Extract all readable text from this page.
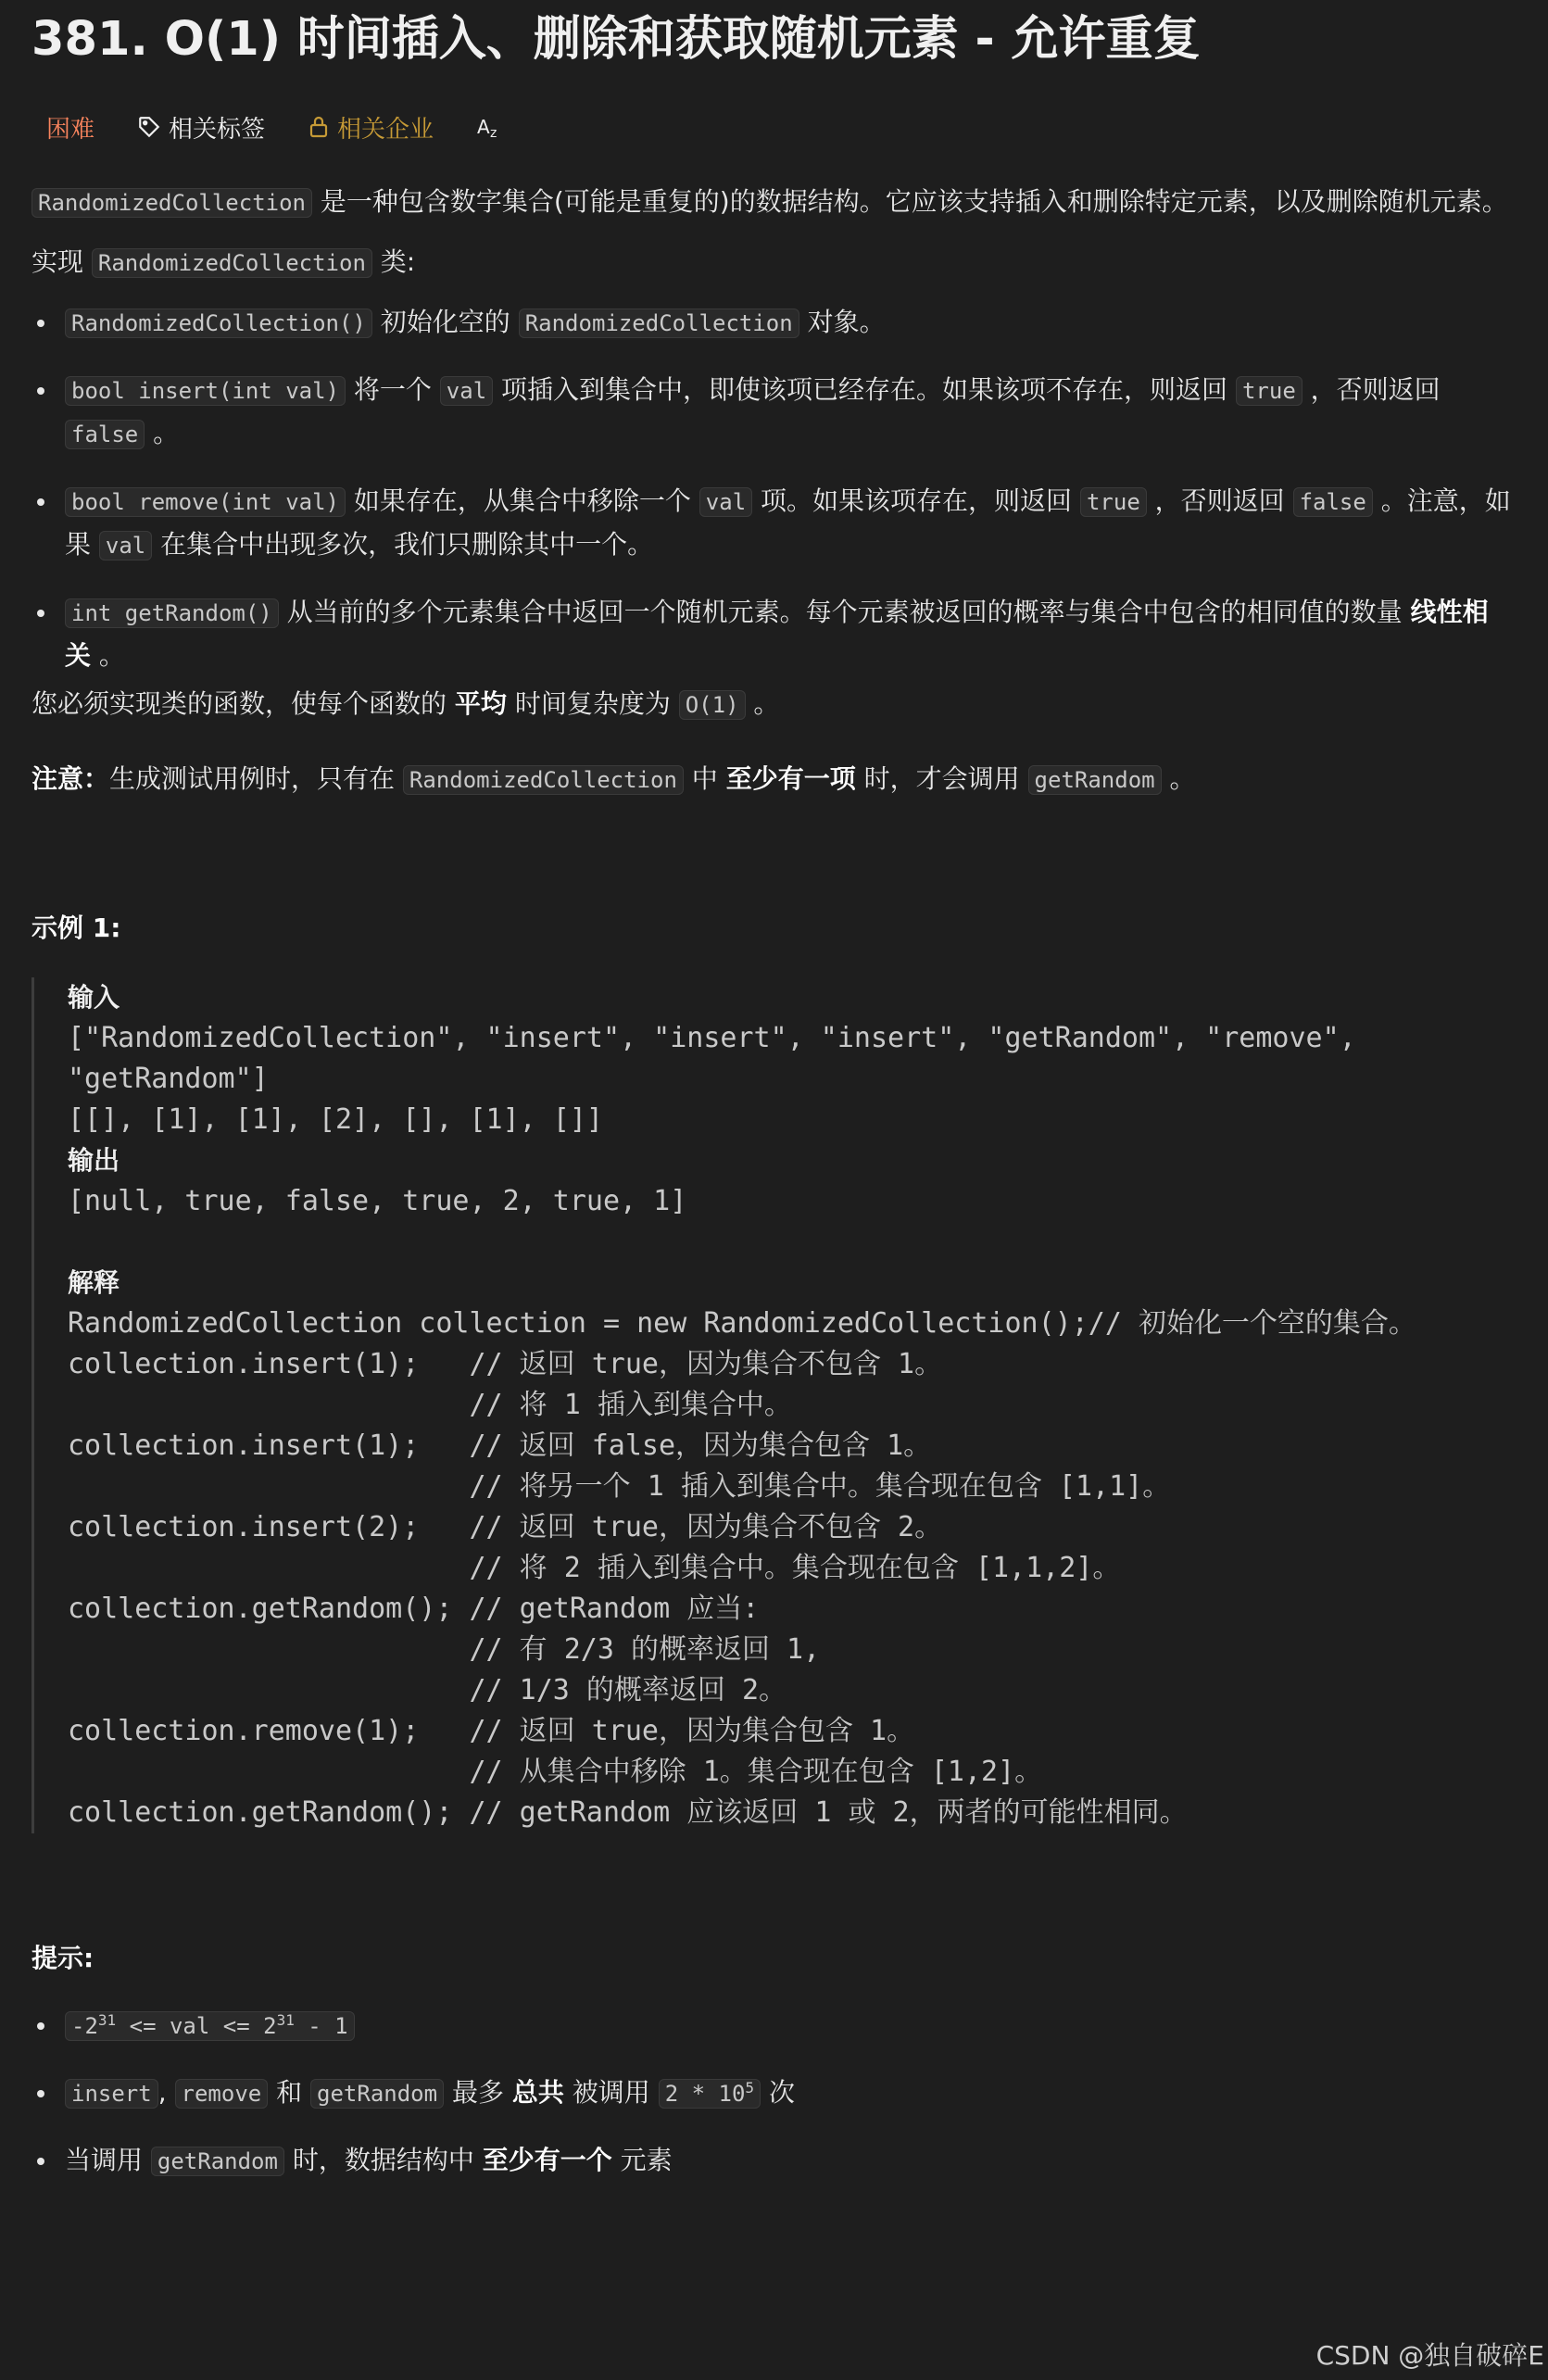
381. O(1) 时间插入、删除和获取随机元素 - 允许重复
困难	相关标签	相关企业 A z

RandomizedCollection 是一种包含数字集合(可能是重复的)的数据结构。它应该支持插入和删除特定元素，以及删除随机元素。

实现 RandomizedCollection 类:

RandomizedCollection() 初始化空的 RandomizedCollection 对象。
bool insert(int val) 将一个 val 项插入到集合中，即使该项已经存在。如果该项不存在，则返回 true ，否则返回 false 。
bool remove(int val) 如果存在，从集合中移除一个 val 项。如果该项存在，则返回 true ，否则返回 false 。注意，如果 val 在集合中出现多次，我们只删除其中一个。
int getRandom() 从当前的多个元素集合中返回一个随机元素。每个元素被返回的概率与集合中包含的相同值的数量 线性相关 。

您必须实现类的函数，使每个函数的 平均 时间复杂度为 O(1) 。

注意：生成测试用例时，只有在 RandomizedCollection 中 至少有一项 时，才会调用 getRandom 。

示例 1:

输入
["RandomizedCollection", "insert", "insert", "insert", "getRandom", "remove",
"getRandom"]
[[], [1], [1], [2], [], [1], []]
输出
[null, true, false, true, 2, true, 1]
解释
RandomizedCollection collection = new RandomizedCollection();// 初始化一个空的集合。
collection.insert(1);   // 返回 true，因为集合不包含 1。
// 将 1 插入到集合中。
collection.insert(1);   // 返回 false，因为集合包含 1。
// 将另一个 1 插入到集合中。集合现在包含 [1,1]。
collection.insert(2);   // 返回 true，因为集合不包含 2。
// 将 2 插入到集合中。集合现在包含 [1,1,2]。
collection.getRandom(); // getRandom 应当:
// 有 2/3 的概率返回 1,
// 1/3 的概率返回 2。
collection.remove(1);   // 返回 true，因为集合包含 1。
// 从集合中移除 1。集合现在包含 [1,2]。
collection.getRandom(); // getRandom 应该返回 1 或 2，两者的可能性相同。

提示:

$-2^{31}$ <= val <= $2^{31} - 1$
insert , remove 和 getRandom 最多 总共 被调用 $2 * 10^5$ 次
当调用 getRandom 时，数据结构中 至少有一个 元素
CSDN @独自破碎E
